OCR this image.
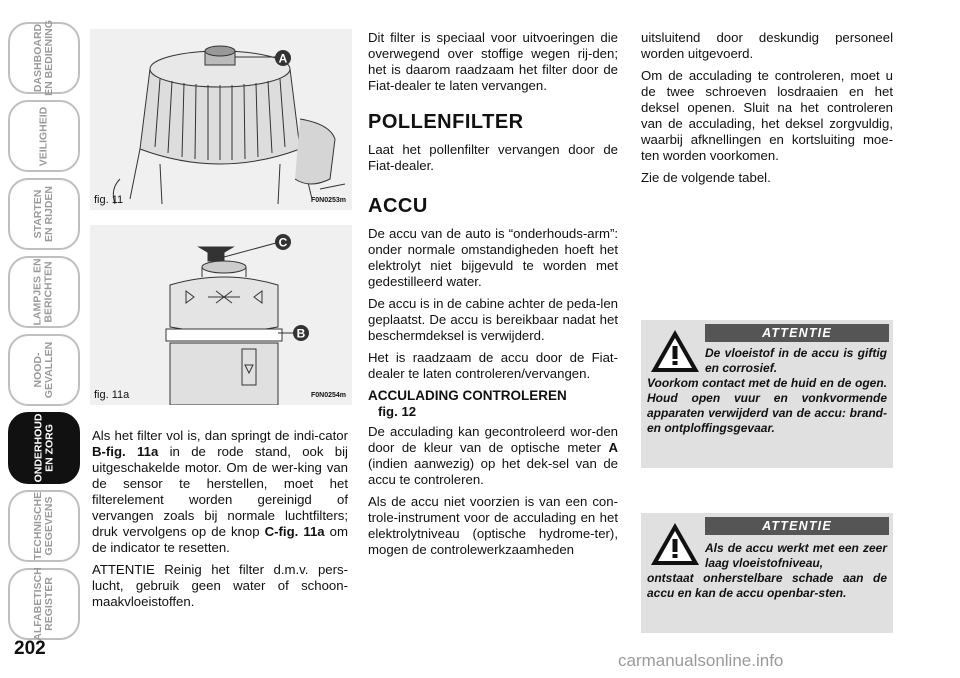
DASHBOARD
EN BEDIENING
VEILIGHEID
STARTEN
EN RIJDEN
LAMPJES EN
BERICHTEN
NOOD-
GEVALLEN
ONDERHOUD
EN ZORG
TECHNISCHE
GEGEVENS
ALFABETISCH
REGISTER
202
A
fig. 11	F0N0253m
C
B
fig. 11a	F0N0254m

Als het filter vol is, dan springt de indi-cator B-fig. 11a in de rode stand, ook bij uitgeschakelde motor. Om de wer-king van de sensor te herstellen, moet het filterelement worden gereinigd of vervangen zoals bij normale luchtfilters; druk vervolgens op de knop C-fig. 11a om de indicator te resetten.

ATTENTIE Reinig het filter d.m.v. pers-lucht, gebruik geen water of schoon-maakvloeistoffen.

Dit filter is speciaal voor uitvoeringen die overwegend over stoffige wegen rij-den; het is daarom raadzaam het filter door de Fiat-dealer te laten vervangen.

POLLENFILTER

Laat het pollenfilter vervangen door de Fiat-dealer.

ACCU

De accu van de auto is “onderhouds-arm”: onder normale omstandigheden hoeft het elektrolyt niet bijgevuld te worden met gedestilleerd water.

De accu is in de cabine achter de peda-len geplaatst. De accu is bereikbaar nadat het beschermdeksel is verwijderd.

Het is raadzaam de accu door de Fiat-dealer te laten controleren/vervangen.

ACCULADING CONTROLEREN
fig. 12

De acculading kan gecontroleerd wor-den door de kleur van de optische meter A (indien aanwezig) op het dek-sel van de accu te controleren.

Als de accu niet voorzien is van een con-trole-instrument voor de acculading en het elektrolytniveau (optische hydrome-ter), mogen de controlewerkzaamheden

uitsluitend door deskundig personeel worden uitgevoerd.

Om de acculading te controleren, moet u de twee schroeven losdraaien en het deksel openen. Sluit na het controleren van de acculading, het deksel zorgvuldig, waarbij afknellingen en kortsluiting moe-ten worden voorkomen.

Zie de volgende tabel.

ATTENTIE
De vloeistof in de accu is giftig en corrosief.
Voorkom contact met de huid en de ogen. Houd open vuur en vonkvormende apparaten verwijderd van de accu: brand- en ontploffingsgevaar.
ATTENTIE
Als de accu werkt met een zeer laag vloeistofniveau,
ontstaat onherstelbare schade aan de accu en kan de accu openbar-sten.
carmanualsonline.info
